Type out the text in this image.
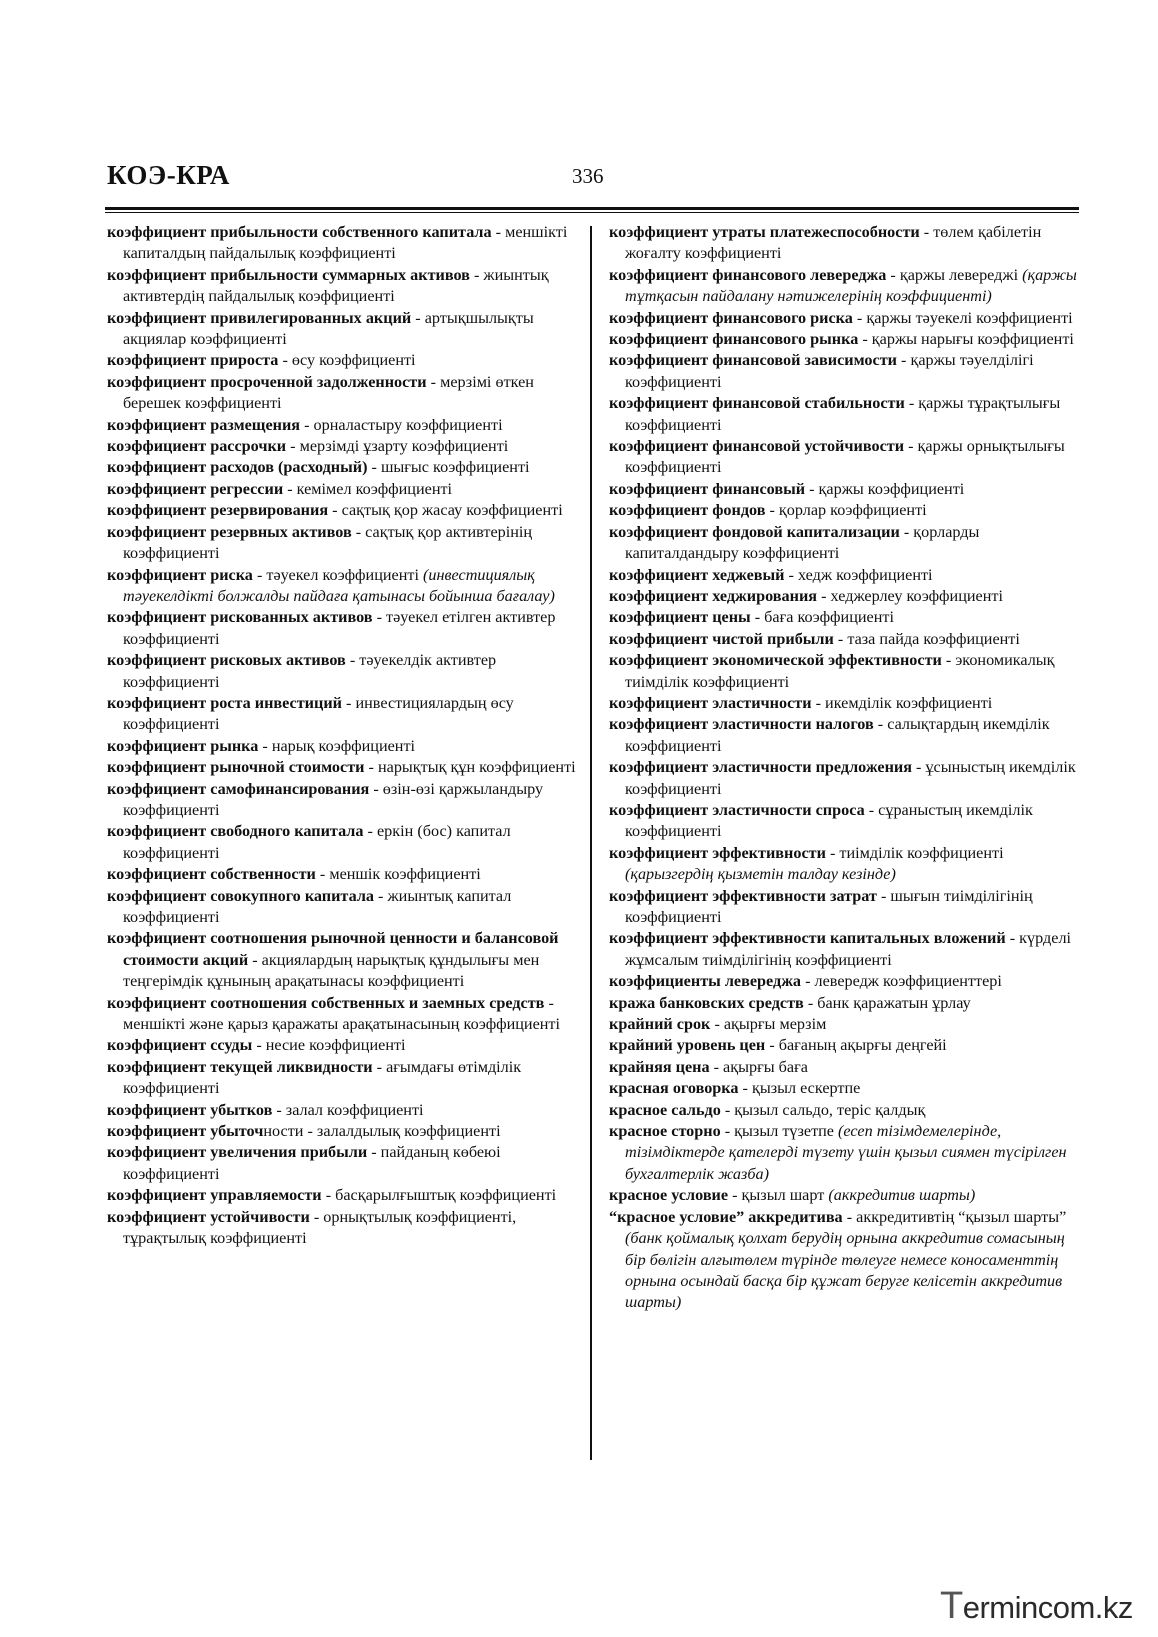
КОЭ-КРА	336
коэффициент прибыльности собственного капитала - меншікті капиталдың пайдалылық коэффициенті
коэффициент прибыльности суммарных активов - жиынтық активтердің пайдалылық коэффициенті
коэффициент привилегированных акций - артықшылықты акциялар коэффициенті
коэффициент прироста - өсу коэффициенті
коэффициент просроченной задолженности - мерзімі өткен берешек коэффициенті
коэффициент размещения - орналастыру коэффициенті
коэффициент рассрочки - мерзімді ұзарту коэффициенті
коэффициент расходов (расходный) - шығыс коэффициенті
коэффициент регрессии - кемімел коэффициенті
коэффициент резервирования - сақтық қор жасау коэффициенті
коэффициент резервных активов - сақтық қор активтерінің коэффициенті
коэффициент риска - тәуекел коэффициенті (инвестициялық тәуекелдікті болжалды пайдаға қатынасы бойынша бағалау)
коэффициент рискованных активов - тәуекел етілген активтер коэффициенті
коэффициент рисковых активов - тәуекелдік активтер коэффициенті
коэффициент роста инвестиций - инвестициялардың өсу коэффициенті
коэффициент рынка - нарық коэффициенті
коэффициент рыночной стоимости - нарықтық құн коэффициенті
коэффициент самофинансирования - өзін-өзі қаржыландыру коэффициенті
коэффициент свободного капитала - еркін (бос) капитал коэффициенті
коэффициент собственности - меншік коэффициенті
коэффициент совокупного капитала - жиынтық капитал коэффициенті
коэффициент соотношения рыночной ценности и балансовой стоимости акций - акциялардың нарықтық құндылығы мен теңгерімдік құнының арақатынасы коэффициенті
коэффициент соотношения собственных и заемных средств - меншікті және қарыз қаражаты арақатынасының коэффициенті
коэффициент ссуды - несие коэффициенті
коэффициент текущей ликвидности - ағымдағы өтімділік коэффициенті
коэффициент убытков - залал коэффициенті
коэффициент убыточности - залалдылық коэффициенті
коэффициент увеличения прибыли - пайданың көбеюі коэффициенті
коэффициент управляемости - басқарылғыштық коэффициенті
коэффициент устойчивости - орнықтылық коэффициенті, тұрақтылық коэффициенті
коэффициент утраты платежеспособности - төлем қабілетін жоғалту коэффициенті
коэффициент финансового левереджа - қаржы левереджі (қаржы тұтқасын пайдалану нәтижелерінің коэффициенті)
коэффициент финансового риска - қаржы тәуекелі коэффициенті
коэффициент финансового рынка - қаржы нарығы коэффициенті
коэффициент финансовой зависимости - қаржы тәуелділігі коэффициенті
коэффициент финансовой стабильности - қаржы тұрақтылығы коэффициенті
коэффициент финансовой устойчивости - қаржы орнықтылығы коэффициенті
коэффициент финансовый - қаржы коэффициенті
коэффициент фондов - қорлар коэффициенті
коэффициент фондовой капитализации - қорларды капиталдандыру коэффициенті
коэффициент хеджевый - хедж коэффициенті
коэффициент хеджирования - хеджерлеу коэффициенті
коэффициент цены - баға коэффициенті
коэффициент чистой прибыли - таза пайда коэффициенті
коэффициент экономической эффективности - экономикалық тиімділік коэффициенті
коэффициент эластичности - икемділік коэффициенті
коэффициент эластичности налогов - салықтардың икемділік коэффициенті
коэффициент эластичности предложения - ұсыныстың икемділік коэффициенті
коэффициент эластичности спроса - сұраныстың икемділік коэффициенті
коэффициент эффективности - тиімділік коэффициенті (қарызгердің қызметін талдау кезінде)
коэффициент эффективности затрат - шығын тиімділігінің коэффициенті
коэффициент эффективности капитальных вложений - күрделі жұмсалым тиімділігінің коэффициенті
коэффициенты левереджа - левередж коэффициенттері
кража банковских средств - банк қаражатын ұрлау
крайний срок - ақырғы мерзім
крайний уровень цен - бағаның ақырғы деңгейі
крайняя цена - ақырғы баға
красная оговорка - қызыл ескертпе
красное сальдо - қызыл сальдо, теріс қалдық
красное сторно - қызыл түзетпе (есеп тізімдемелерінде, тізімдіктерде қателерді түзету үшін қызыл сиямен түсірілген бухгалтерлік жазба)
красное условие - қызыл шарт (аккредитив шарты)
“красное условие” аккредитива - аккредитивтің “қызыл шарты” (банк қоймалық қолхат берудің орнына аккредитив сомасының бір бөлігін алғытөлем түрінде төлеуге немесе коносаменттің орнына осындай басқа бір құжат беруге келісетін аккредитив шарты)
Termincom.kz
